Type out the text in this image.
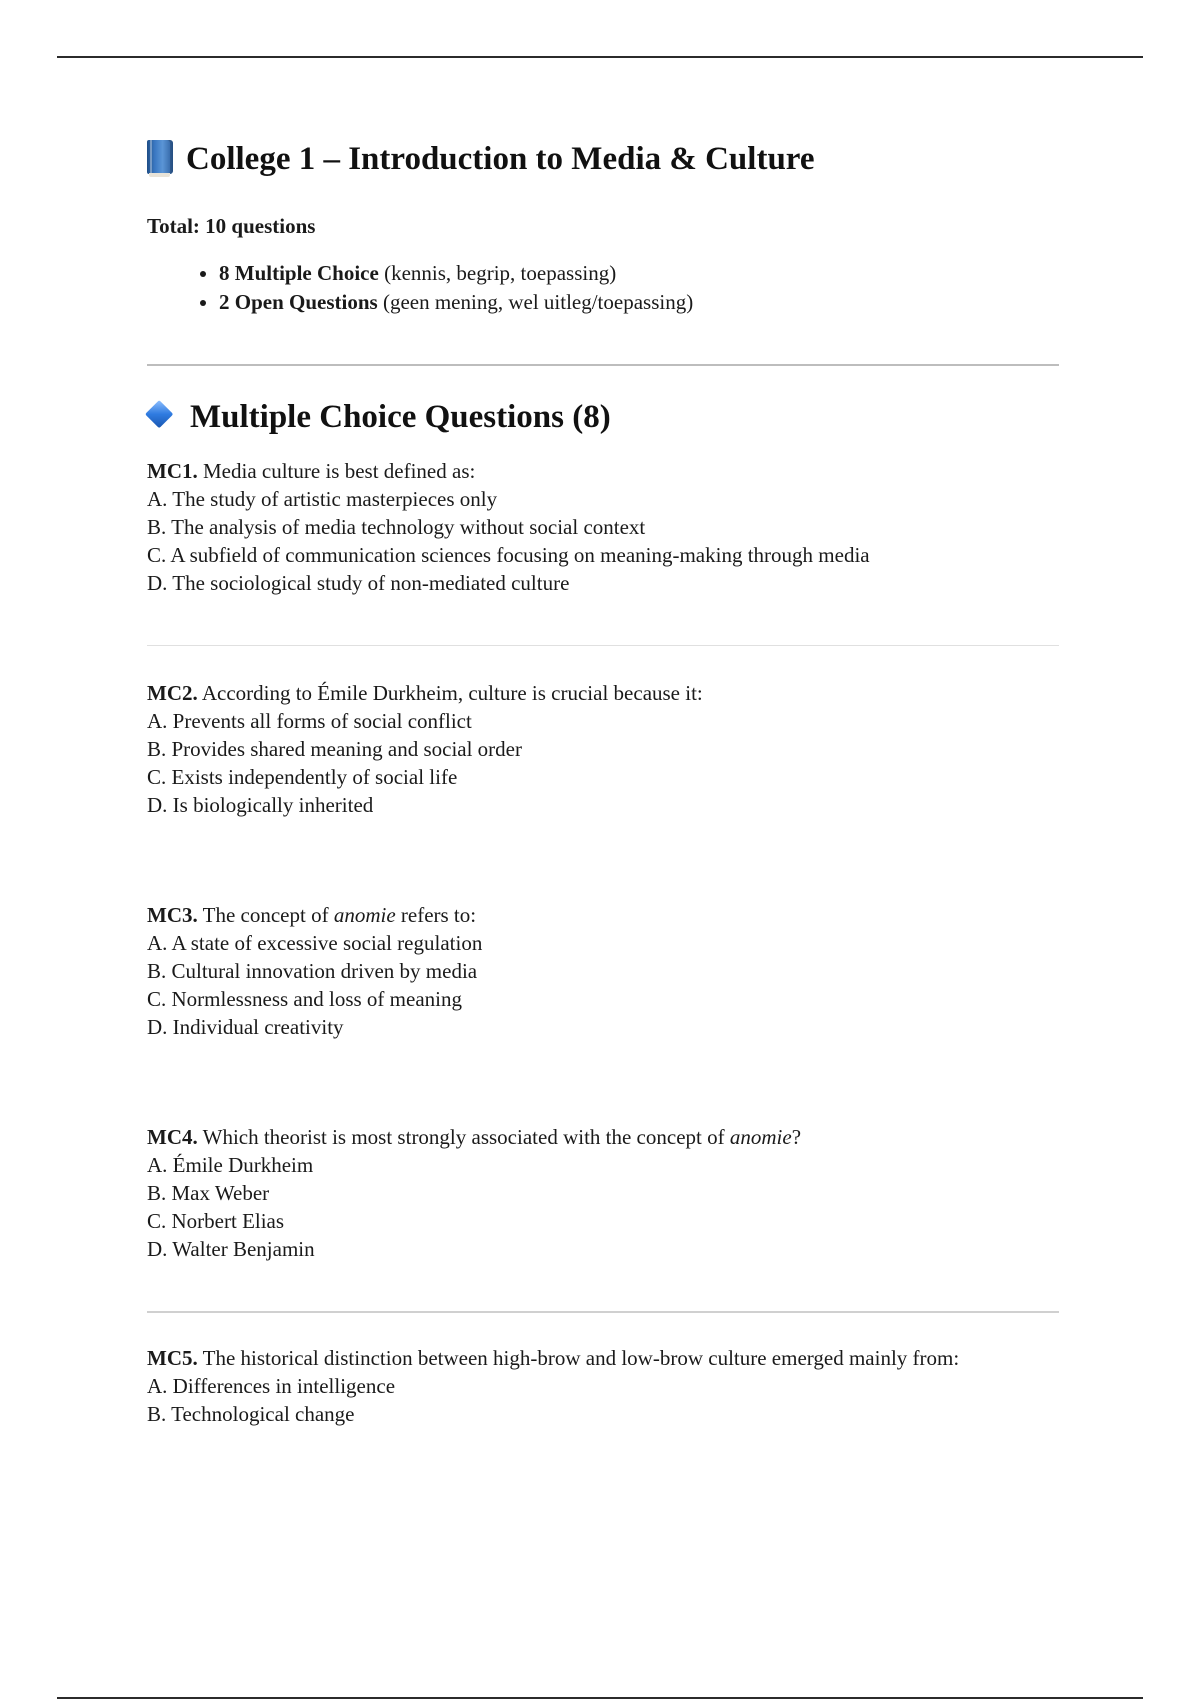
College 1 – Introduction to Media & Culture
Total: 10 questions
• 8 Multiple Choice (kennis, begrip, toepassing)
• 2 Open Questions (geen mening, wel uitleg/toepassing)
Multiple Choice Questions (8)
MC1. Media culture is best defined as:
A. The study of artistic masterpieces only
B. The analysis of media technology without social context
C. A subfield of communication sciences focusing on meaning-making through media
D. The sociological study of non-mediated culture
MC2. According to Émile Durkheim, culture is crucial because it:
A. Prevents all forms of social conflict
B. Provides shared meaning and social order
C. Exists independently of social life
D. Is biologically inherited
MC3. The concept of anomie refers to:
A. A state of excessive social regulation
B. Cultural innovation driven by media
C. Normlessness and loss of meaning
D. Individual creativity
MC4. Which theorist is most strongly associated with the concept of anomie?
A. Émile Durkheim
B. Max Weber
C. Norbert Elias
D. Walter Benjamin
MC5. The historical distinction between high-brow and low-brow culture emerged mainly from:
A. Differences in intelligence
B. Technological change
